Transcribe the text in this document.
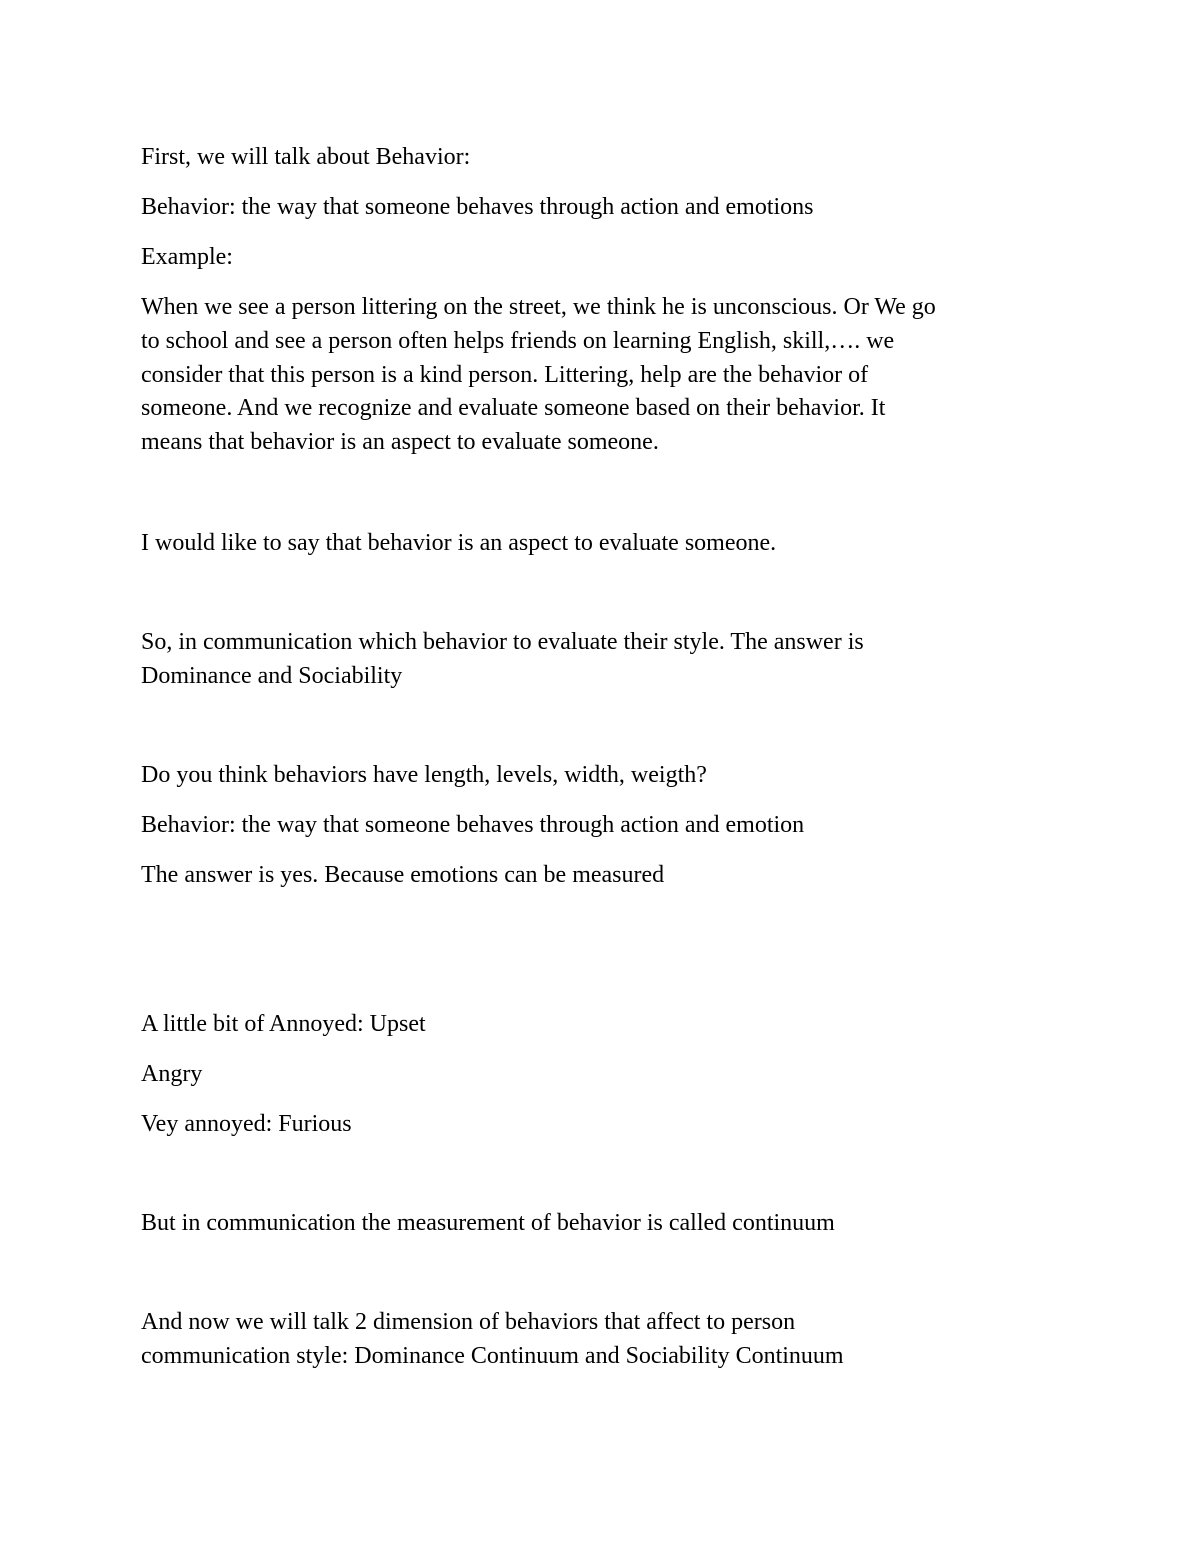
First, we will talk about Behavior:

Behavior: the way that someone behaves through action and emotions

Example:

When we see a person littering on the street, we think he is unconscious. Or We go
to school and see a person often helps friends on learning English, skill,…. we
consider that this person is a kind person. Littering, help are the behavior of
someone. And we recognize and evaluate someone based on their behavior. It
means that behavior is an aspect to evaluate someone.

I would like to say that behavior is an aspect to evaluate someone.

So, in communication which behavior to evaluate their style. The answer is
Dominance and Sociability

Do you think behaviors have length, levels, width, weigth?

Behavior: the way that someone behaves through action and emotion

The answer is yes. Because emotions can be measured

A little bit of Annoyed: Upset

Angry

Vey annoyed: Furious

But in communication the measurement of behavior is called continuum

And now we will talk 2 dimension of behaviors that affect to person
communication style: Dominance Continuum and Sociability Continuum
